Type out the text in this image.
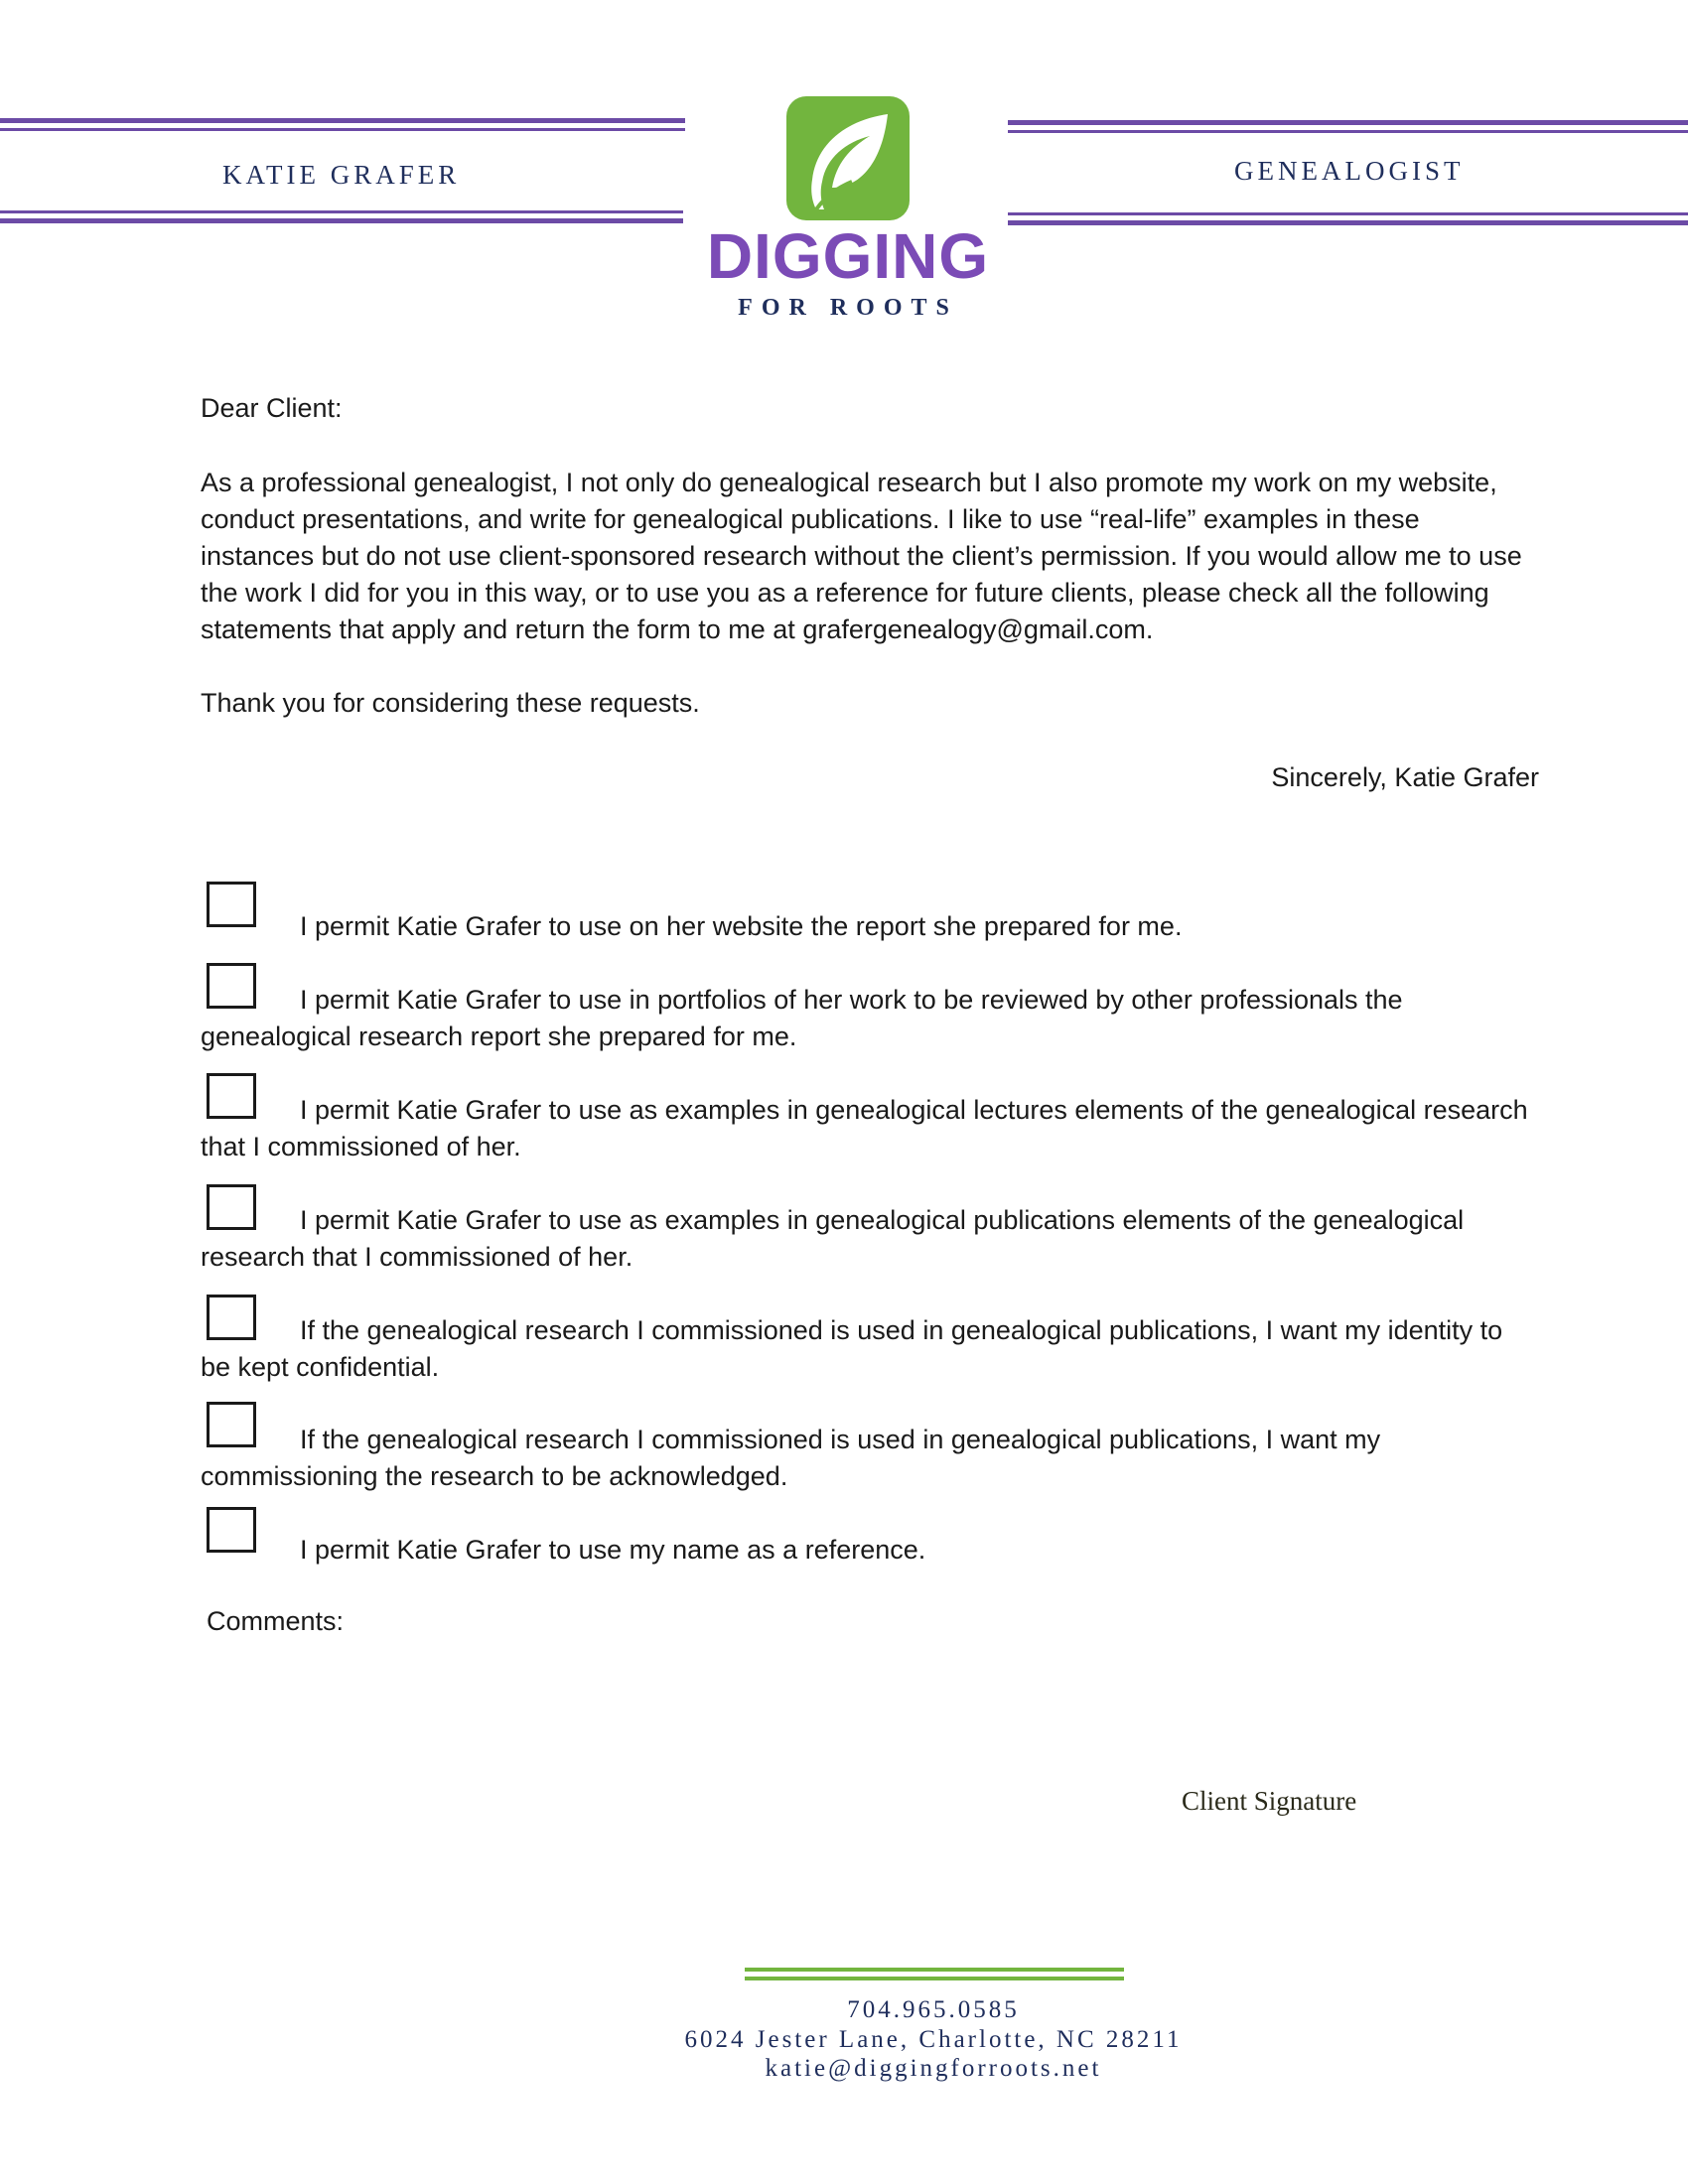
KATIE GRAFER	GENEALOGIST
DIGGING
FOR ROOTS
Dear Client:
As a professional genealogist, I not only do genealogical research but I also promote my work on my website, conduct presentations, and write for genealogical publications. I like to use “real-life” examples in these instances but do not use client-sponsored research without the client’s permission. If you would allow me to use the work I did for you in this way, or to use you as a reference for future clients, please check all the following statements that apply and return the form to me at grafergenealogy@gmail.com.
Thank you for considering these requests.
Sincerely, Katie Grafer
I permit Katie Grafer to use on her website the report she prepared for me.
I permit Katie Grafer to use in portfolios of her work to be reviewed by other professionals the genealogical research report she prepared for me.
I permit Katie Grafer to use as examples in genealogical lectures elements of the genealogical research that I commissioned of her.
I permit Katie Grafer to use as examples in genealogical publications elements of the genealogical research that I commissioned of her.
If the genealogical research I commissioned is used in genealogical publications, I want my identity to be kept confidential.
If the genealogical research I commissioned is used in genealogical publications, I want my commissioning the research to be acknowledged.
I permit Katie Grafer to use my name as a reference.
Comments:
Client Signature
704.965.0585
6024 Jester Lane, Charlotte, NC 28211
katie@diggingforroots.net
